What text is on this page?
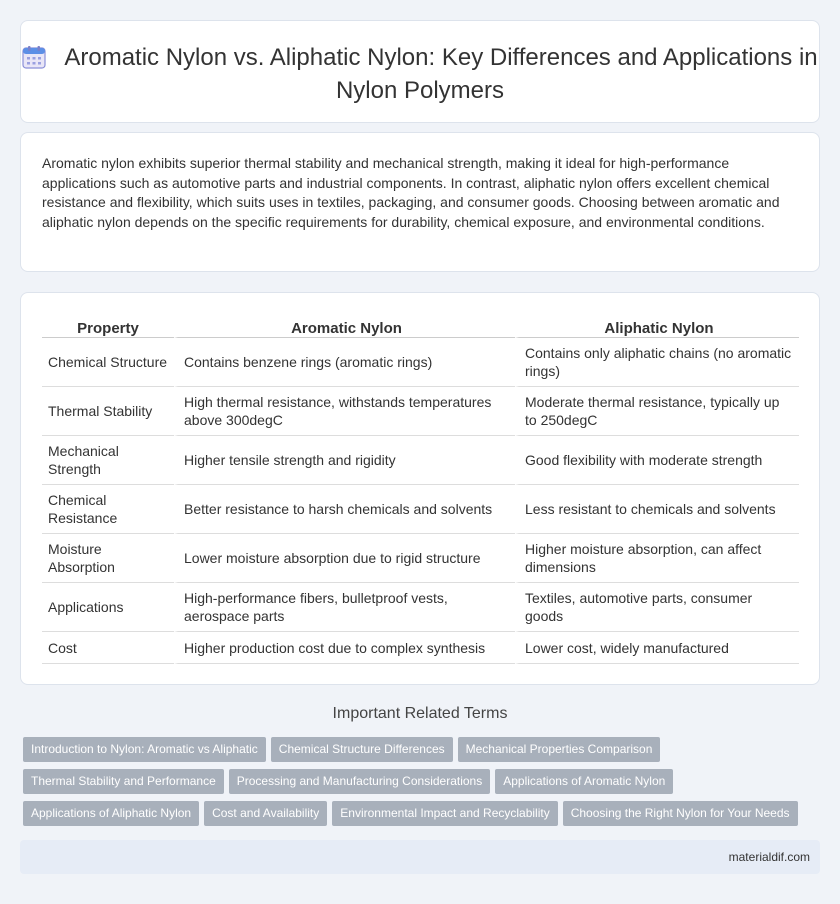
Aromatic Nylon vs. Aliphatic Nylon: Key Differences and Applications in Nylon Polymers

Aromatic nylon exhibits superior thermal stability and mechanical strength, making it ideal for high-performance applications such as automotive parts and industrial components. In contrast, aliphatic nylon offers excellent chemical resistance and flexibility, which suits uses in textiles, packaging, and consumer goods. Choosing between aromatic and aliphatic nylon depends on the specific requirements for durability, chemical exposure, and environmental conditions.

Property	Aromatic Nylon	Aliphatic Nylon
Chemical Structure	Contains benzene rings (aromatic rings)	Contains only aliphatic chains (no aromatic rings)
Thermal Stability	High thermal resistance, withstands temperatures above 300degC	Moderate thermal resistance, typically up to 250degC
Mechanical Strength	Higher tensile strength and rigidity	Good flexibility with moderate strength
Chemical Resistance	Better resistance to harsh chemicals and solvents	Less resistant to chemicals and solvents
Moisture Absorption	Lower moisture absorption due to rigid structure	Higher moisture absorption, can affect dimensions
Applications	High-performance fibers, bulletproof vests, aerospace parts	Textiles, automotive parts, consumer goods
Cost	Higher production cost due to complex synthesis	Lower cost, widely manufactured
Important Related Terms
Introduction to Nylon: Aromatic vs Aliphatic Chemical Structure Differences Mechanical Properties Comparison
Thermal Stability and Performance Processing and Manufacturing Considerations Applications of Aromatic Nylon
Applications of Aliphatic Nylon Cost and Availability Environmental Impact and Recyclability Choosing the Right Nylon for Your Needs
materialdif.com
